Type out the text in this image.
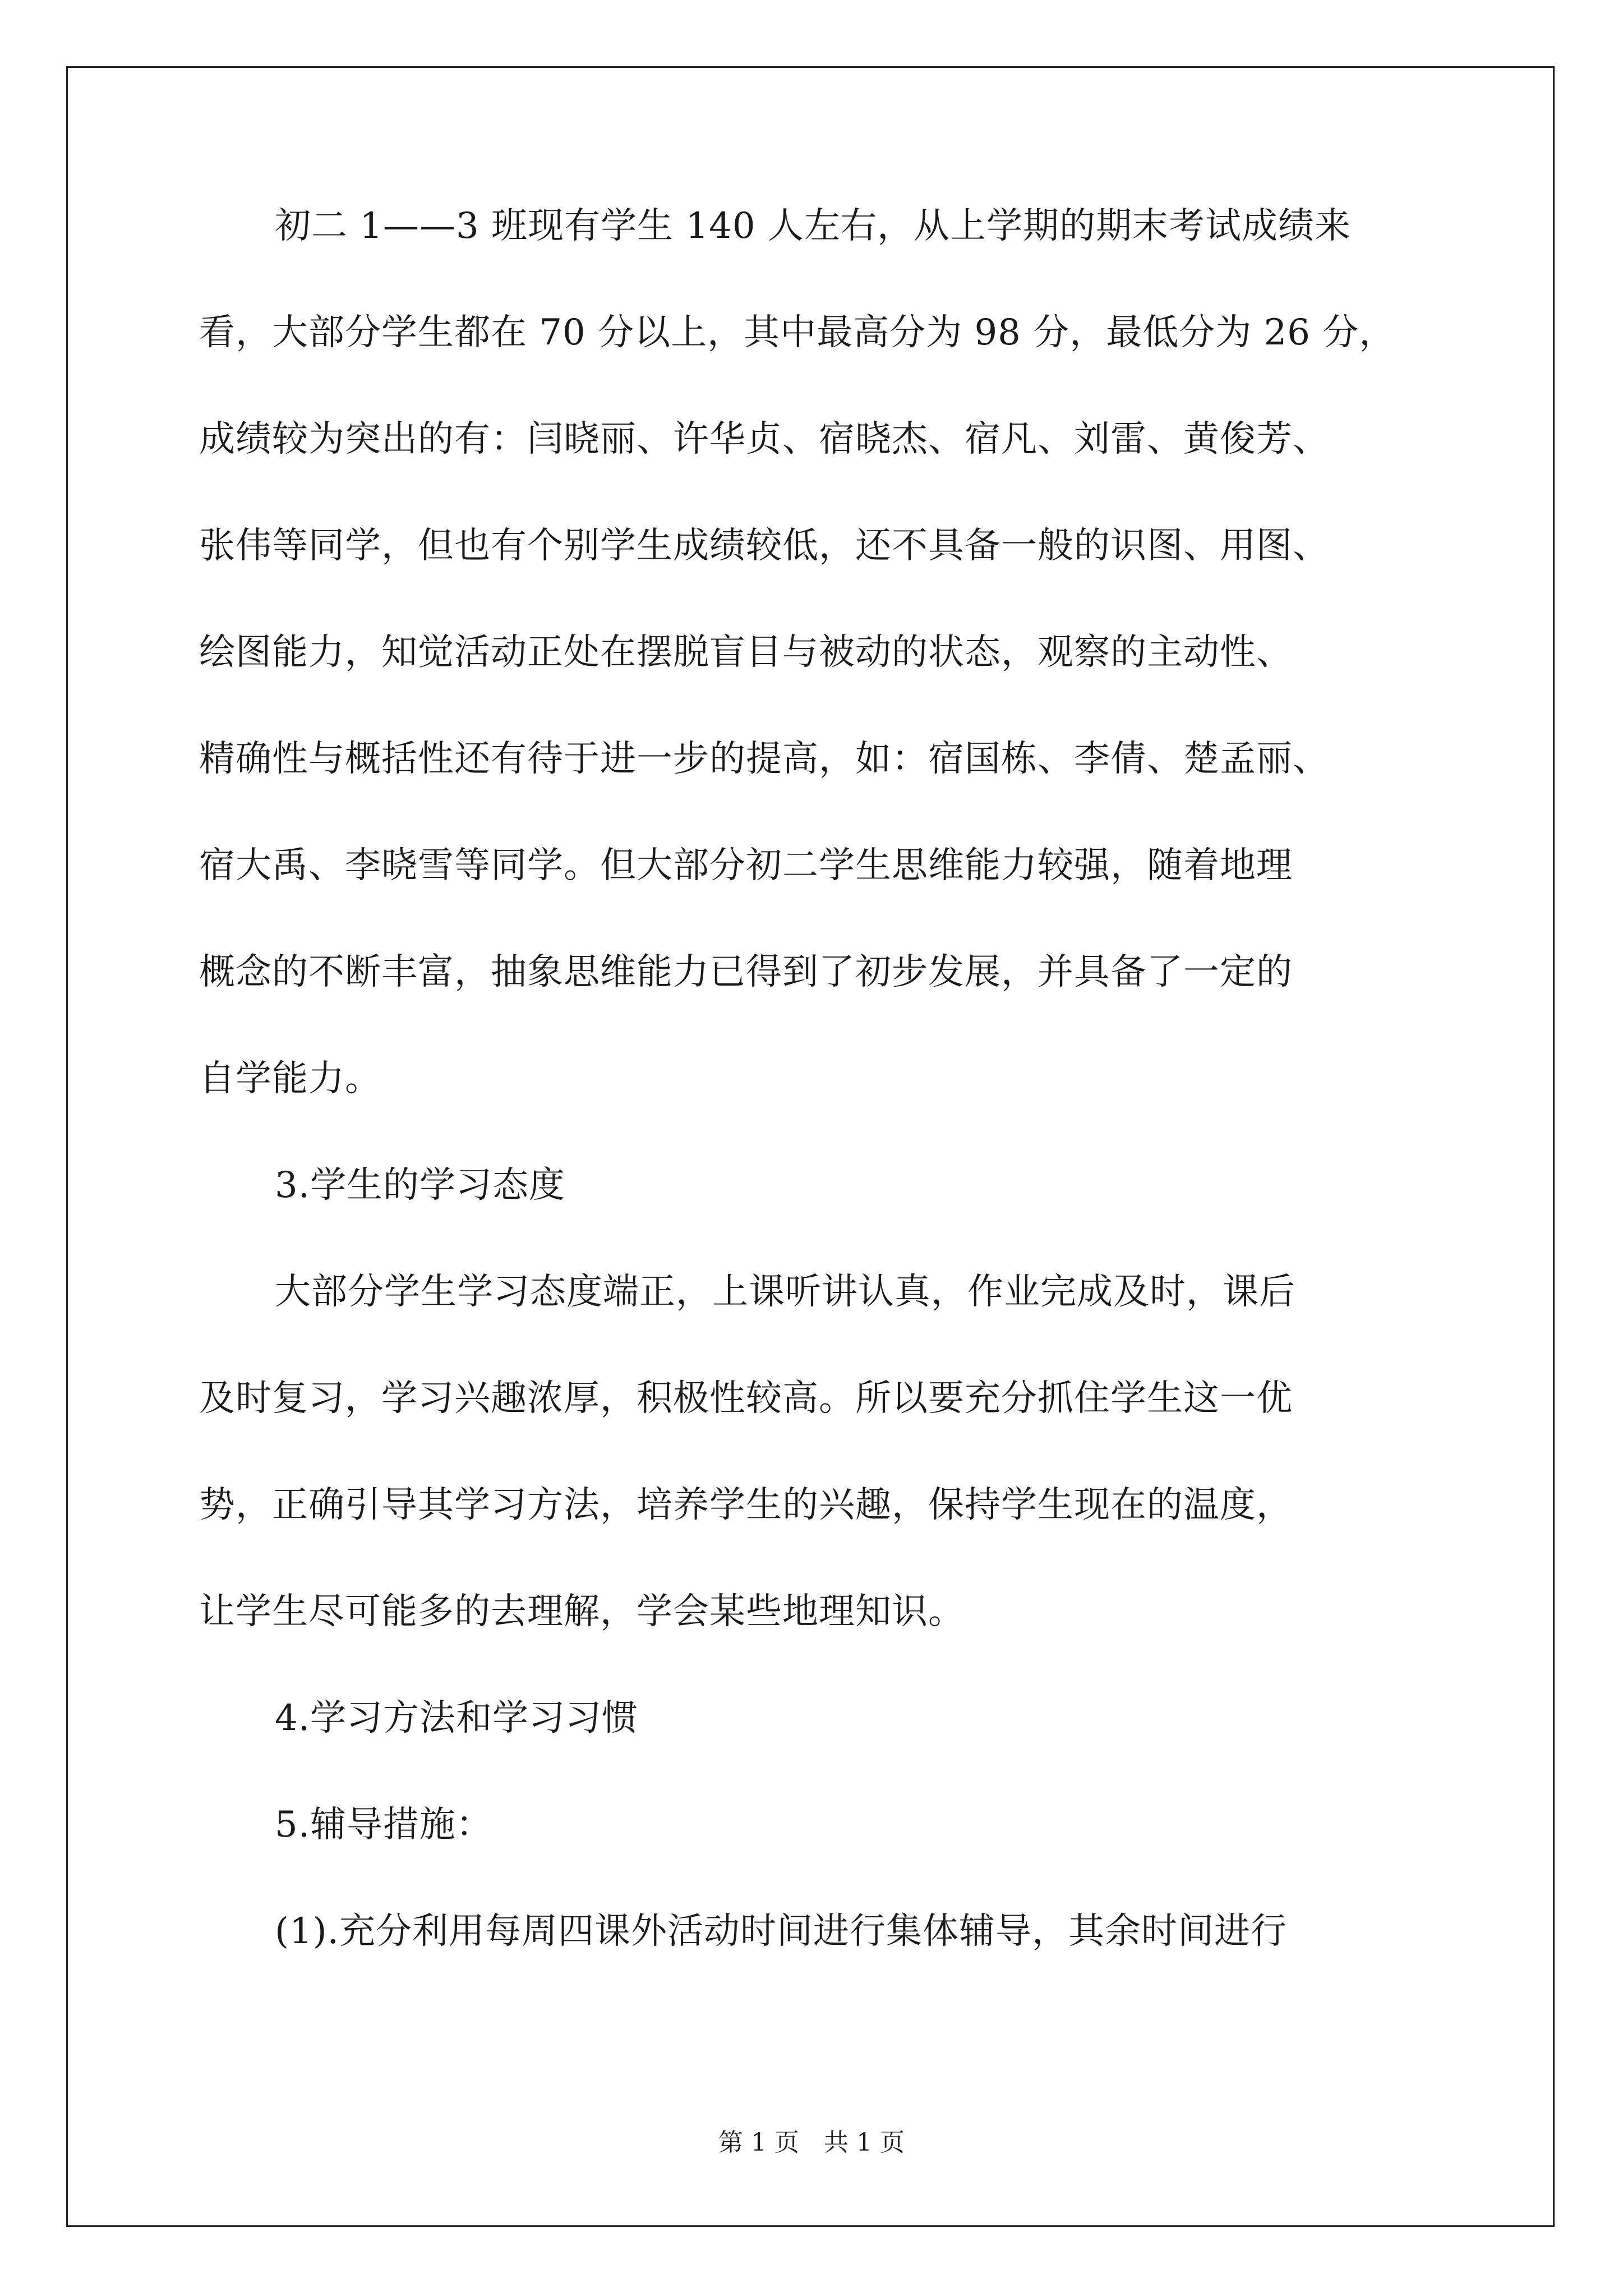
初二 1——3 班现有学生 140 人左右，从上学期的期末考试成绩来
看，大部分学生都在 70 分以上，其中最高分为 98 分，最低分为 26 分，
成绩较为突出的有：闫晓丽、许华贞、宿晓杰、宿凡、刘雷、黄俊芳、
张伟等同学，但也有个别学生成绩较低，还不具备一般的识图、用图、
绘图能力，知觉活动正处在摆脱盲目与被动的状态，观察的主动性、
精确性与概括性还有待于进一步的提高，如：宿国栋、李倩、楚孟丽、
宿大禹、李晓雪等同学。但大部分初二学生思维能力较强，随着地理
概念的不断丰富，抽象思维能力已得到了初步发展，并具备了一定的
自学能力。
3.学生的学习态度
大部分学生学习态度端正，上课听讲认真，作业完成及时，课后
及时复习，学习兴趣浓厚，积极性较高。所以要充分抓住学生这一优
势，正确引导其学习方法，培养学生的兴趣，保持学生现在的温度，
让学生尽可能多的去理解，学会某些地理知识。
4.学习方法和学习习惯
5.辅导措施：
(1).充分利用每周四课外活动时间进行集体辅导，其余时间进行
第 1 页　共 1 页
